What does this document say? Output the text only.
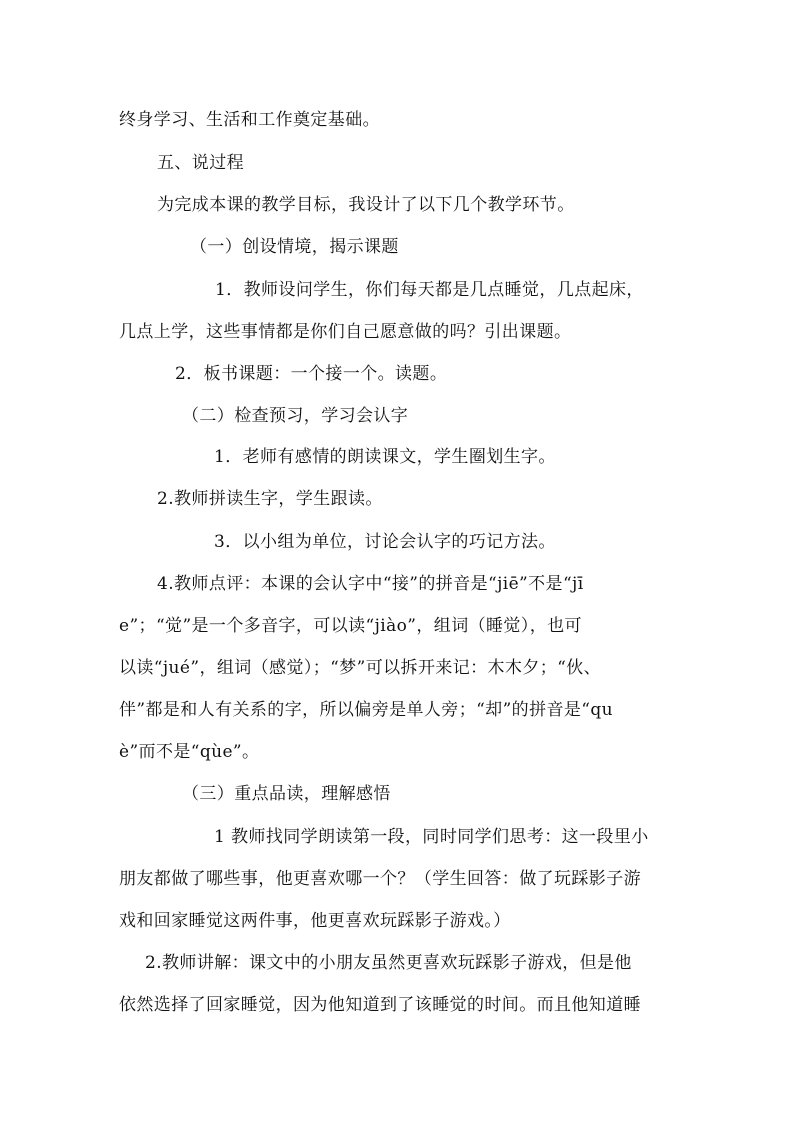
终身学习、生活和工作奠定基础。
五、说过程
为完成本课的教学目标，我设计了以下几个教学环节。
（一）创设情境，揭示课题
1．教师设问学生，你们每天都是几点睡觉，几点起床，
几点上学，这些事情都是你们自己愿意做的吗？引出课题。
2．板书课题：一个接一个。读题。
（二）检查预习，学习会认字
1．老师有感情的朗读课文，学生圈划生字。
2.教师拼读生字，学生跟读。
3．以小组为单位，讨论会认字的巧记方法。
4.教师点评：本课的会认字中“接”的拼音是“jiē”不是“jī
e”；“觉”是一个多音字，可以读“jiào”，组词（睡觉），也可
以读“jué”，组词（感觉）；“梦”可以拆开来记：木木夕；“伙、
伴”都是和人有关系的字，所以偏旁是单人旁；“却”的拼音是“qu
è”而不是“qùe”。
（三）重点品读，理解感悟
1 教师找同学朗读第一段，同时同学们思考：这一段里小
朋友都做了哪些事，他更喜欢哪一个？（学生回答：做了玩踩影子游
戏和回家睡觉这两件事，他更喜欢玩踩影子游戏。）
2.教师讲解：课文中的小朋友虽然更喜欢玩踩影子游戏，但是他
依然选择了回家睡觉，因为他知道到了该睡觉的时间。而且他知道睡
